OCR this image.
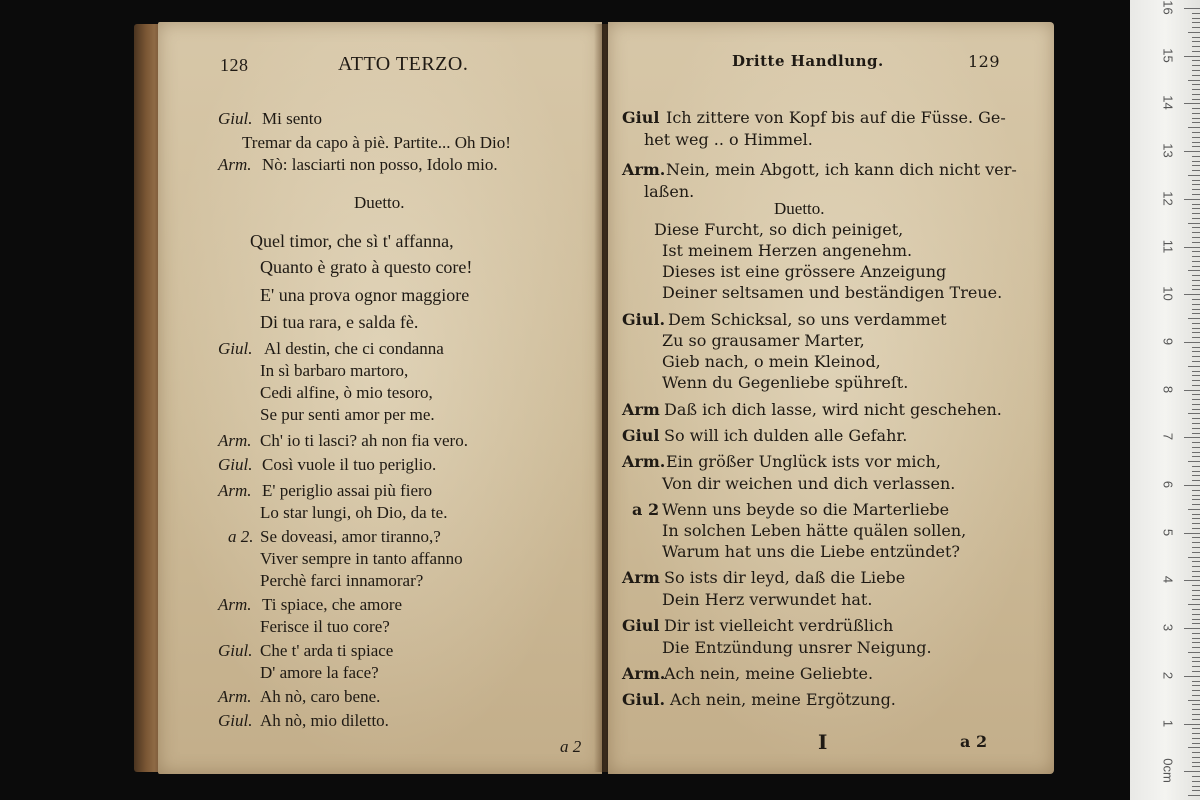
128	ATTO TERZO.
Giul. Mi sento
Tremar da capo à piè. Partite... Oh Dio!
Arm. Nò: lasciarti non posso, Idolo mio.
Duetto.
Quel timor, che sì t' affanna,
Quanto è grato à questo core!
E' una prova ognor maggiore
Di tua rara, e salda fè.
Giul. Al destin, che ci condanna
In sì barbaro martoro,
Cedi alfine, ò mio tesoro,
Se pur senti amor per me.
Arm. Ch' io ti lasci? ah non fia vero.
Giul. Così vuole il tuo periglio.
Arm. E' periglio assai più fiero
Lo star lungi, oh Dio, da te.
a 2. Se doveasi, amor tiranno,?
Viver sempre in tanto affanno
Perchè farci innamorar?
Arm. Ti spiace, che amore
Ferisce il tuo core?
Giul. Che t' arda ti spiace
D' amore la face?
Arm. Ah nò, caro bene.
Giul. Ah nò, mio diletto.
a 2
Dritte Handlung.	129
Giul Ich zittere von Kopf bis auf die Füsse. Ge-
het weg .. o Himmel.
Arm. Nein, mein Abgott, ich kann dich nicht ver-
laßen.
Duetto.
Diese Furcht, so dich peiniget,
Ist meinem Herzen angenehm.
Dieses ist eine grössere Anzeigung
Deiner seltsamen und beständigen Treue.
Giul. Dem Schicksal, so uns verdammet
Zu so grausamer Marter,
Gieb nach, o mein Kleinod,
Wenn du Gegenliebe spühreſt.
Arm Daß ich dich lasse, wird nicht geschehen.
Giul So will ich dulden alle Gefahr.
Arm. Ein größer Unglück ists vor mich,
Von dir weichen und dich verlassen.
a 2 Wenn uns beyde so die Marterliebe
In solchen Leben hätte quälen sollen,
Warum hat uns die Liebe entzündet?
Arm So ists dir leyd, daß die Liebe
Dein Herz verwundet hat.
Giul Dir ist vielleicht verdrüßlich
Die Entzündung unsrer Neigung.
Arm.
Ach nein, meine Geliebte.
Giul. Ach nein, meine Ergötzung.
I	a 2
16
15
14
13
12
11
10
9
8
7
6
5
4
3
2
1
0cm
